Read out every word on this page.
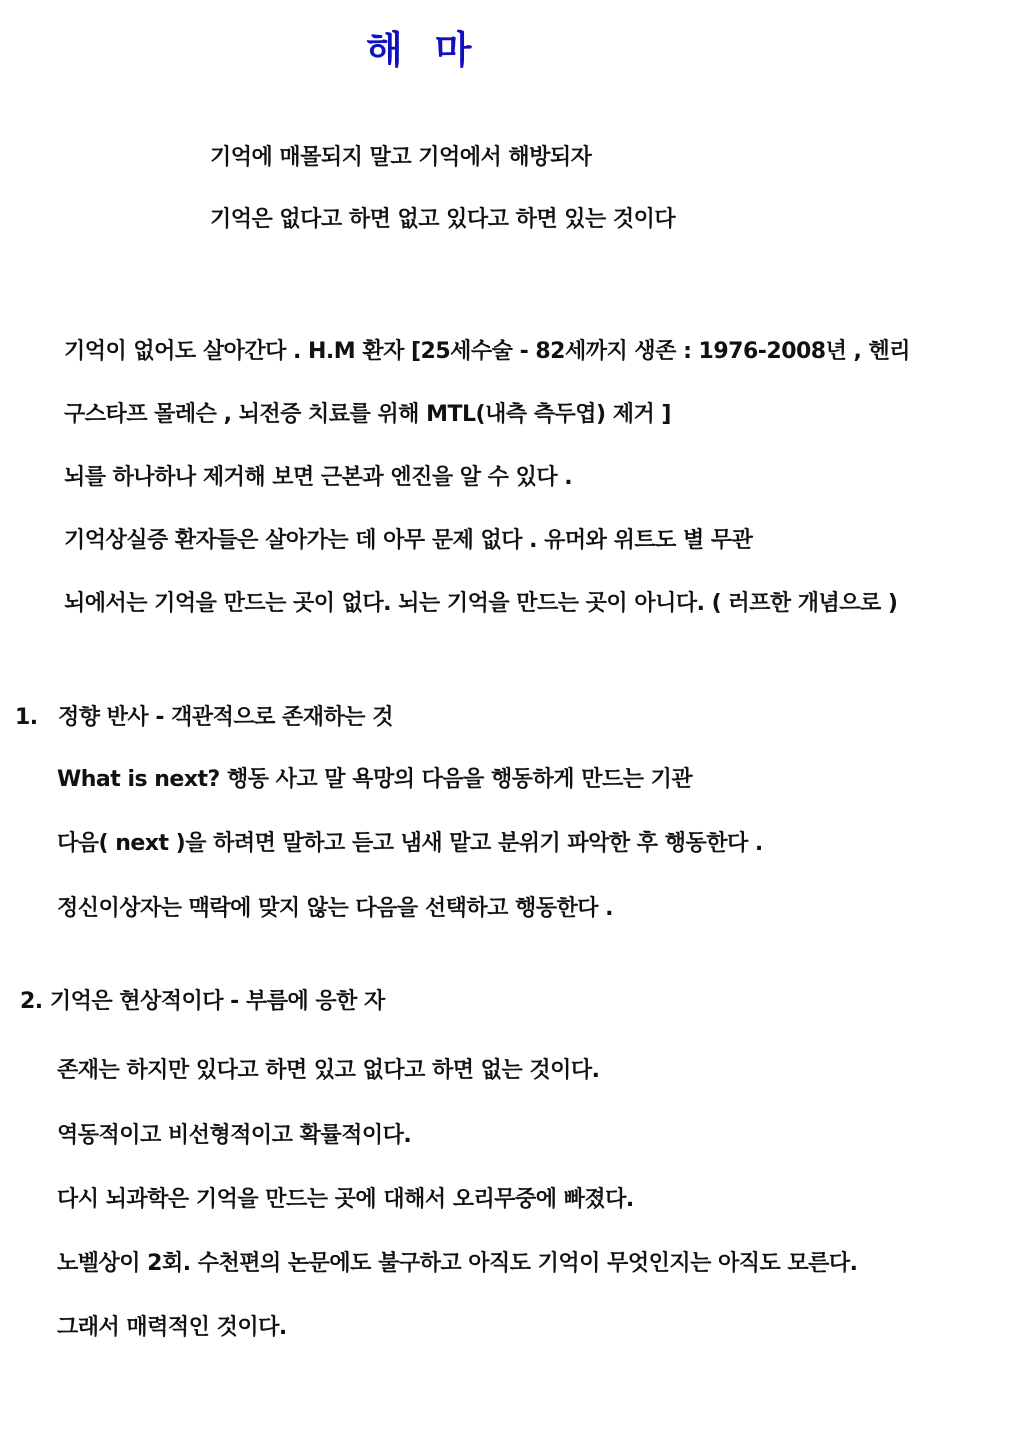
해 마
기억에 매몰되지 말고 기억에서 해방되자
기억은 없다고 하면 없고 있다고 하면 있는 것이다
기억이 없어도 살아간다 . H.M 환자 [25세수술 - 82세까지 생존 : 1976-2008년 , 헨리
구스타프 몰레슨 , 뇌전증 치료를 위해 MTL(내측 측두엽) 제거 ]
뇌를 하나하나 제거해 보면 근본과 엔진을 알 수 있다 .
기억상실증 환자들은 살아가는 데 아무 문제 없다 . 유머와 위트도 별 무관
뇌에서는 기억을 만드는 곳이 없다. 뇌는 기억을 만드는 곳이 아니다. ( 러프한 개념으로 )
1. 정향 반사 - 객관적으로 존재하는 것
What is next? 행동 사고 말 욕망의 다음을 행동하게 만드는 기관
다음( next )을 하려면 말하고 듣고 냄새 맡고 분위기 파악한 후 행동한다 .
정신이상자는 맥락에 맞지 않는 다음을 선택하고 행동한다 .
2. 기억은 현상적이다 - 부름에 응한 자
존재는 하지만 있다고 하면 있고 없다고 하면 없는 것이다.
역동적이고 비선형적이고 확률적이다.
다시 뇌과학은 기억을 만드는 곳에 대해서 오리무중에 빠졌다.
노벨상이 2회. 수천편의 논문에도 불구하고 아직도 기억이 무엇인지는 아직도 모른다.
그래서 매력적인 것이다.
